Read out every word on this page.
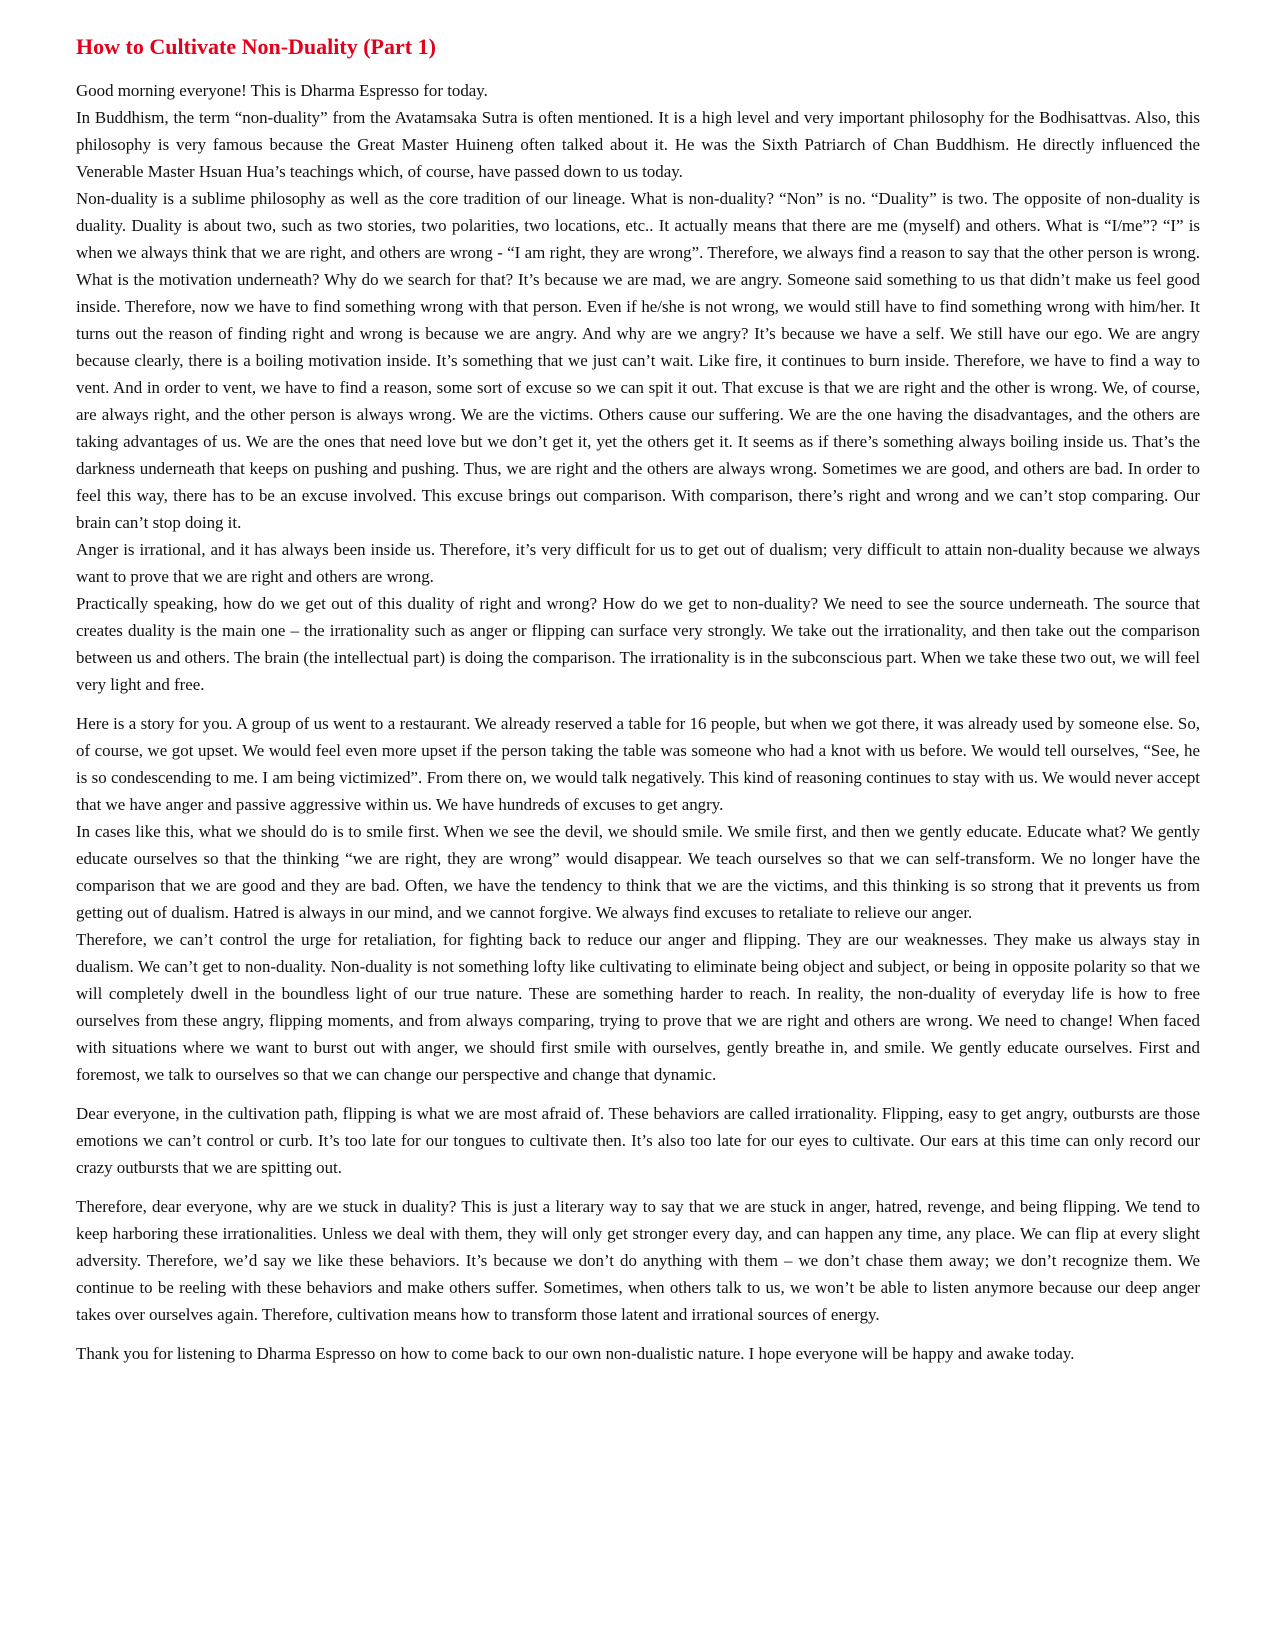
How to Cultivate Non-Duality (Part 1)

Good morning everyone! This is Dharma Espresso for today.

In Buddhism, the term “non-duality” from the Avatamsaka Sutra is often mentioned. It is a high level and very important philosophy for the Bodhisattvas. Also, this philosophy is very famous because the Great Master Huineng often talked about it. He was the Sixth Patriarch of Chan Buddhism. He directly influenced the Venerable Master Hsuan Hua’s teachings which, of course, have passed down to us today.

Non-duality is a sublime philosophy as well as the core tradition of our lineage. What is non-duality? “Non” is no. “Duality” is two. The opposite of non-duality is duality. Duality is about two, such as two stories, two polarities, two locations, etc.. It actually means that there are me (myself) and others. What is “I/me”? “I” is when we always think that we are right, and others are wrong - “I am right, they are wrong”. Therefore, we always find a reason to say that the other person is wrong. What is the motivation underneath? Why do we search for that? It’s because we are mad, we are angry. Someone said something to us that didn’t make us feel good inside. Therefore, now we have to find something wrong with that person. Even if he/she is not wrong, we would still have to find something wrong with him/her. It turns out the reason of finding right and wrong is because we are angry. And why are we angry? It’s because we have a self. We still have our ego. We are angry because clearly, there is a boiling motivation inside. It’s something that we just can’t wait. Like fire, it continues to burn inside. Therefore, we have to find a way to vent. And in order to vent, we have to find a reason, some sort of excuse so we can spit it out. That excuse is that we are right and the other is wrong. We, of course, are always right, and the other person is always wrong. We are the victims. Others cause our suffering. We are the one having the disadvantages, and the others are taking advantages of us. We are the ones that need love but we don’t get it, yet the others get it. It seems as if there’s something always boiling inside us. That’s the darkness underneath that keeps on pushing and pushing. Thus, we are right and the others are always wrong. Sometimes we are good, and others are bad. In order to feel this way, there has to be an excuse involved. This excuse brings out comparison. With comparison, there’s right and wrong and we can’t stop comparing. Our brain can’t stop doing it.

Anger is irrational, and it has always been inside us. Therefore, it’s very difficult for us to get out of dualism; very difficult to attain non-duality because we always want to prove that we are right and others are wrong.

Practically speaking, how do we get out of this duality of right and wrong? How do we get to non-duality? We need to see the source underneath. The source that creates duality is the main one – the irrationality such as anger or flipping can surface very strongly. We take out the irrationality, and then take out the comparison between us and others. The brain (the intellectual part) is doing the comparison. The irrationality is in the subconscious part. When we take these two out, we will feel very light and free.

Here is a story for you. A group of us went to a restaurant. We already reserved a table for 16 people, but when we got there, it was already used by someone else. So, of course, we got upset. We would feel even more upset if the person taking the table was someone who had a knot with us before. We would tell ourselves, “See, he is so condescending to me. I am being victimized”. From there on, we would talk negatively. This kind of reasoning continues to stay with us. We would never accept that we have anger and passive aggressive within us. We have hundreds of excuses to get angry.

In cases like this, what we should do is to smile first. When we see the devil, we should smile. We smile first, and then we gently educate. Educate what? We gently educate ourselves so that the thinking “we are right, they are wrong” would disappear. We teach ourselves so that we can self-transform. We no longer have the comparison that we are good and they are bad. Often, we have the tendency to think that we are the victims, and this thinking is so strong that it prevents us from getting out of dualism. Hatred is always in our mind, and we cannot forgive. We always find excuses to retaliate to relieve our anger.

Therefore, we can’t control the urge for retaliation, for fighting back to reduce our anger and flipping. They are our weaknesses. They make us always stay in dualism. We can’t get to non-duality. Non-duality is not something lofty like cultivating to eliminate being object and subject, or being in opposite polarity so that we will completely dwell in the boundless light of our true nature. These are something harder to reach. In reality, the non-duality of everyday life is how to free ourselves from these angry, flipping moments, and from always comparing, trying to prove that we are right and others are wrong. We need to change! When faced with situations where we want to burst out with anger, we should first smile with ourselves, gently breathe in, and smile. We gently educate ourselves. First and foremost, we talk to ourselves so that we can change our perspective and change that dynamic.

Dear everyone, in the cultivation path, flipping is what we are most afraid of. These behaviors are called irrationality. Flipping, easy to get angry, outbursts are those emotions we can’t control or curb. It’s too late for our tongues to cultivate then. It’s also too late for our eyes to cultivate. Our ears at this time can only record our crazy outbursts that we are spitting out.

Therefore, dear everyone, why are we stuck in duality? This is just a literary way to say that we are stuck in anger, hatred, revenge, and being flipping. We tend to keep harboring these irrationalities. Unless we deal with them, they will only get stronger every day, and can happen any time, any place. We can flip at every slight adversity. Therefore, we’d say we like these behaviors. It’s because we don’t do anything with them – we don’t chase them away; we don’t recognize them. We continue to be reeling with these behaviors and make others suffer. Sometimes, when others talk to us, we won’t be able to listen anymore because our deep anger takes over ourselves again. Therefore, cultivation means how to transform those latent and irrational sources of energy.

Thank you for listening to Dharma Espresso on how to come back to our own non-dualistic nature. I hope everyone will be happy and awake today.
